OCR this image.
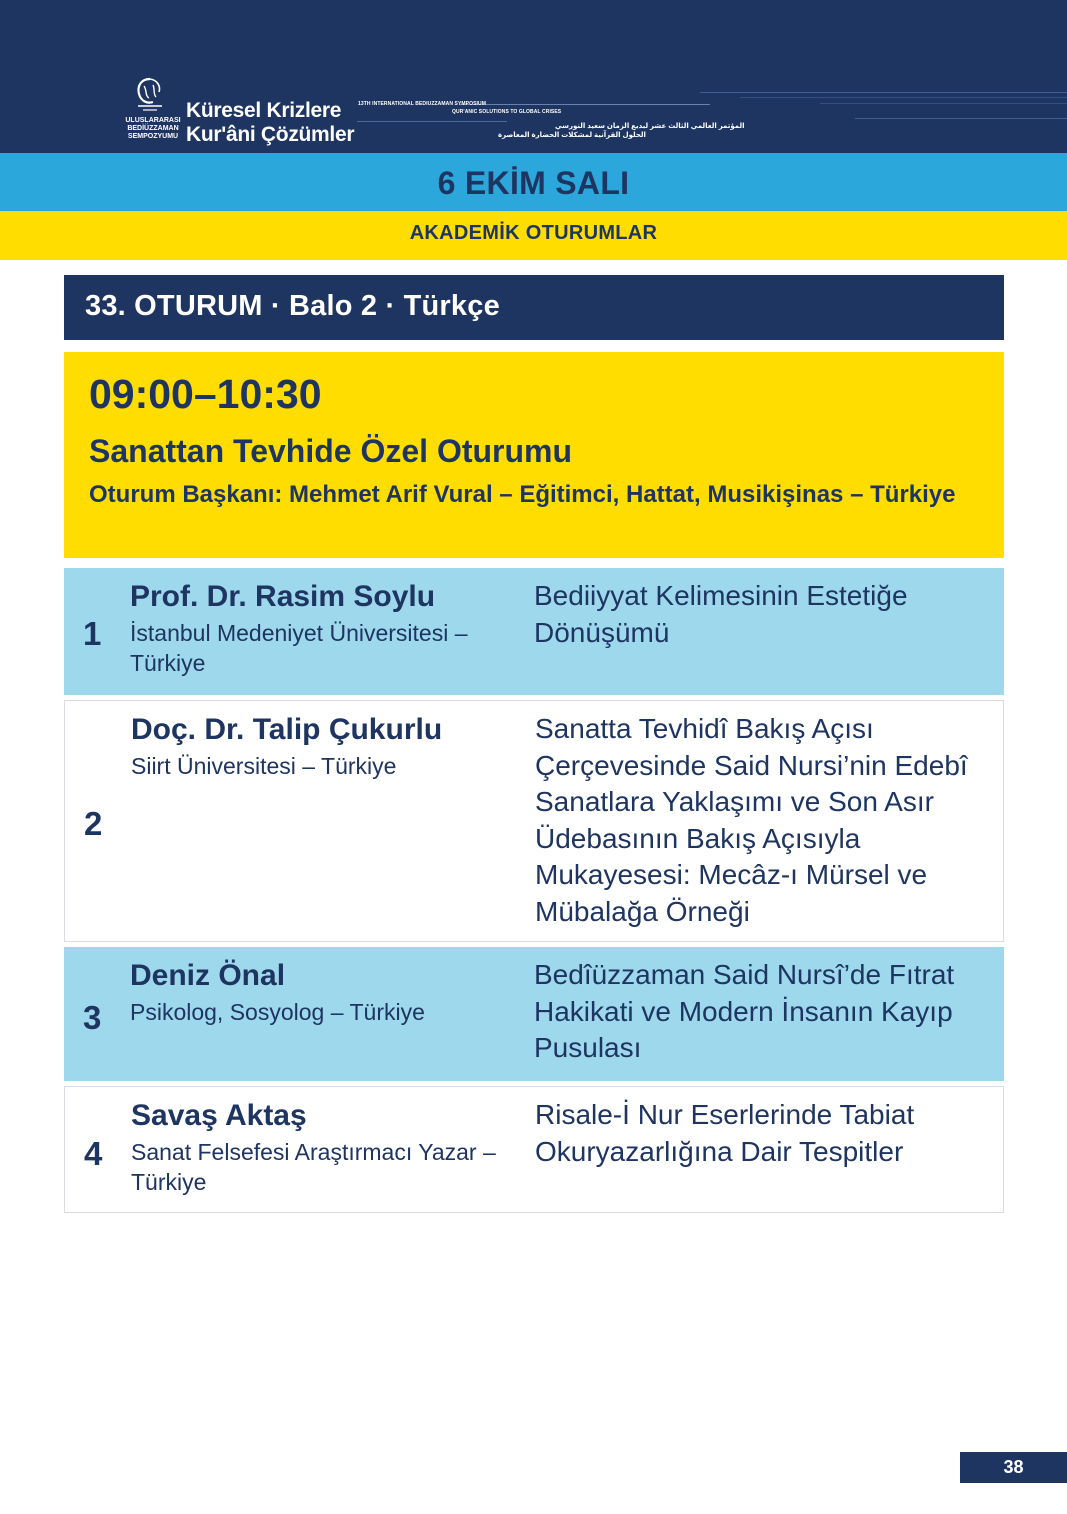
ULUSLARARASI BEDİÜZZAMAN SEMPOZYUMU
Küresel Krizlere
Kur'âni Çözümler
13TH INTERNATIONAL BEDIUZZAMAN SYMPOSIUM
QUR'ANIC SOLUTIONS TO GLOBAL CRISES
المؤتمر العالمي الثالث عشر لبديع الزمان سعيد النورسي
الحلول القرآنية لمشكلات الحضارة المعاصرة
6 EKİM SALI
AKADEMİK OTURUMLAR
33. OTURUM · Balo 2 · Türkçe
09:00–10:30
Sanattan Tevhide Özel Oturumu
Oturum Başkanı: Mehmet Arif Vural – Eğitimci, Hattat, Musikişinas – Türkiye
1
Prof. Dr. Rasim Soylu
İstanbul Medeniyet Üniversitesi – Türkiye
Bediiyyat Kelimesinin Estetiğe Dönüşümü
2
Doç. Dr. Talip Çukurlu
Siirt Üniversitesi – Türkiye
Sanatta Tevhidî Bakış Açısı Çerçevesinde Said Nursi’nin Edebî Sanatlara Yaklaşımı ve Son Asır Üdebasının Bakış Açısıyla Mukayesesi: Mecâz-ı Mürsel ve Mübalağa Örneği
3
Deniz Önal
Psikolog, Sosyolog – Türkiye
Bedîüzzaman Said Nursî’de Fıtrat Hakikati ve Modern İnsanın Kayıp Pusulası
4
Savaş Aktaş
Sanat Felsefesi Araştırmacı Yazar – Türkiye
Risale-İ Nur Eserlerinde Tabiat Okuryazarlığına Dair Tespitler
38
